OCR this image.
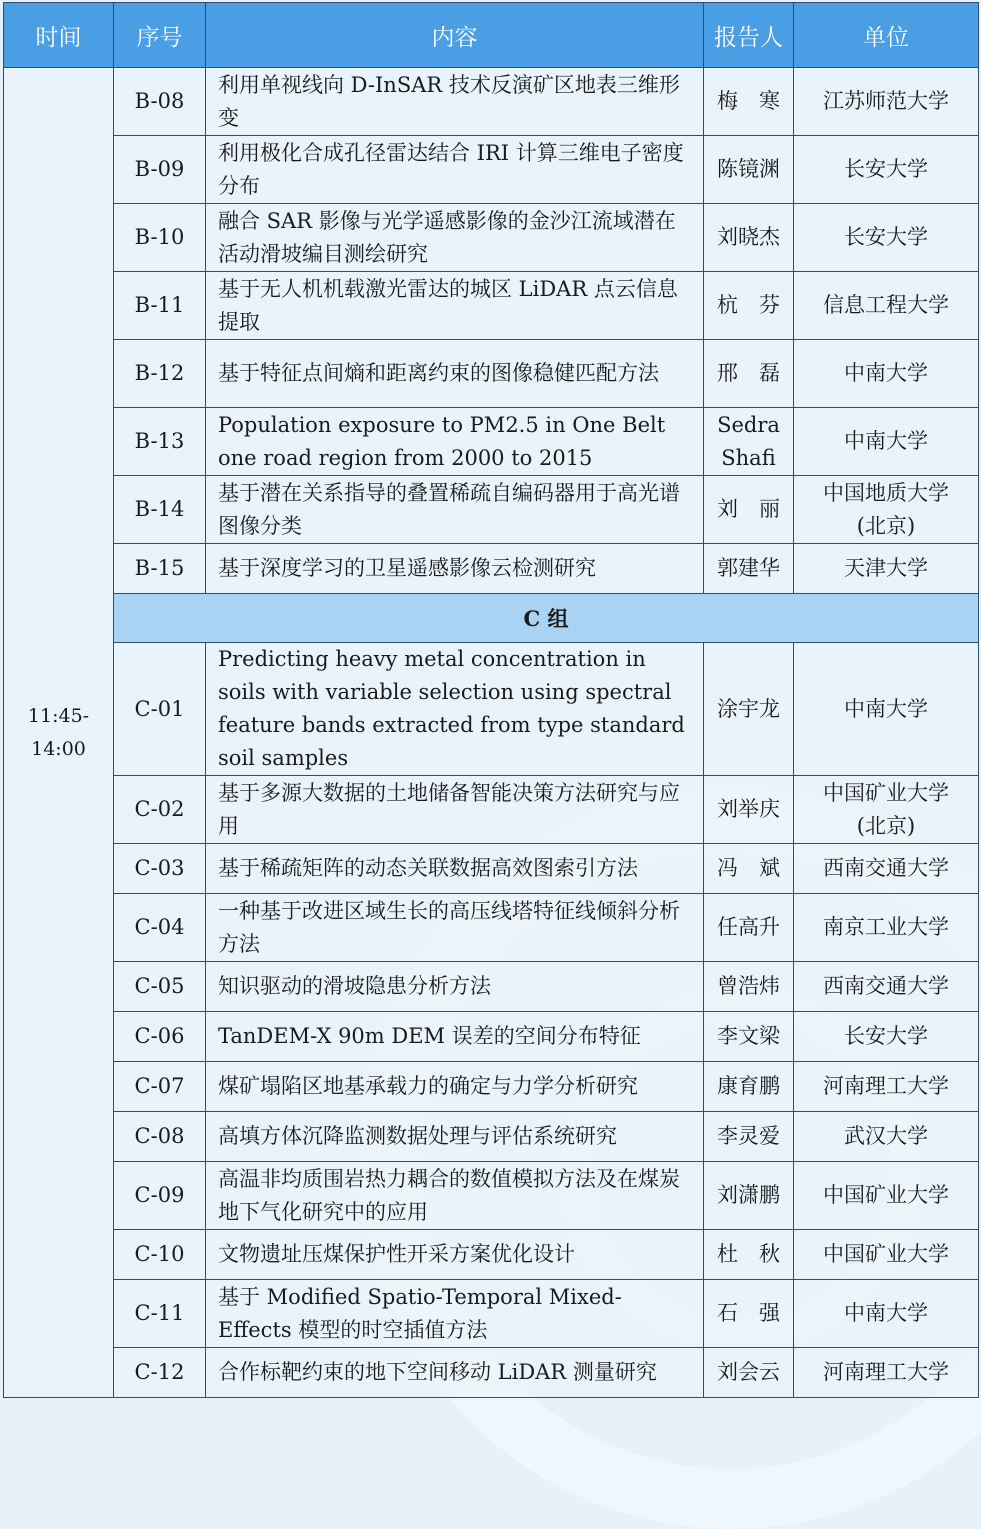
时间	序号	内容	报告人	单位
11:45-14:00	B-08	利用单视线向 D-InSAR 技术反演矿区地表三维形变	梅　寒	江苏师范大学
	B-09	利用极化合成孔径雷达结合 IRI 计算三维电子密度分布	陈镜渊	长安大学
	B-10	融合 SAR 影像与光学遥感影像的金沙江流域潜在活动滑坡编目测绘研究	刘晓杰	长安大学
	B-11	基于无人机机载激光雷达的城区 LiDAR 点云信息提取	杭　芬	信息工程大学
	B-12	基于特征点间熵和距离约束的图像稳健匹配方法	邢　磊	中南大学
	B-13	Population exposure to PM2.5 in One Belt one road region from 2000 to 2015	Sedra Shafi	中南大学
	B-14	基于潜在关系指导的叠置稀疏自编码器用于高光谱图像分类	刘　丽	中国地质大学(北京)
	B-15	基于深度学习的卫星遥感影像云检测研究	郭建华	天津大学
	C 组			
	C-01	Predicting heavy metal concentration in soils with variable selection using spectral feature bands extracted from type standard soil samples	涂宇龙	中南大学
	C-02	基于多源大数据的土地储备智能决策方法研究与应用	刘举庆	中国矿业大学(北京)
	C-03	基于稀疏矩阵的动态关联数据高效图索引方法	冯　斌	西南交通大学
	C-04	一种基于改进区域生长的高压线塔特征线倾斜分析方法	任高升	南京工业大学
	C-05	知识驱动的滑坡隐患分析方法	曾浩炜	西南交通大学
	C-06	TanDEM-X 90m DEM 误差的空间分布特征	李文梁	长安大学
	C-07	煤矿塌陷区地基承载力的确定与力学分析研究	康育鹏	河南理工大学
	C-08	高填方体沉降监测数据处理与评估系统研究	李灵爱	武汉大学
	C-09	高温非均质围岩热力耦合的数值模拟方法及在煤炭地下气化研究中的应用	刘潇鹏	中国矿业大学
	C-10	文物遗址压煤保护性开采方案优化设计	杜　秋	中国矿业大学
	C-11	基于 Modified Spatio-Temporal Mixed-Effects 模型的时空插值方法	石　强	中南大学
	C-12	合作标靶约束的地下空间移动 LiDAR 测量研究	刘会云	河南理工大学
